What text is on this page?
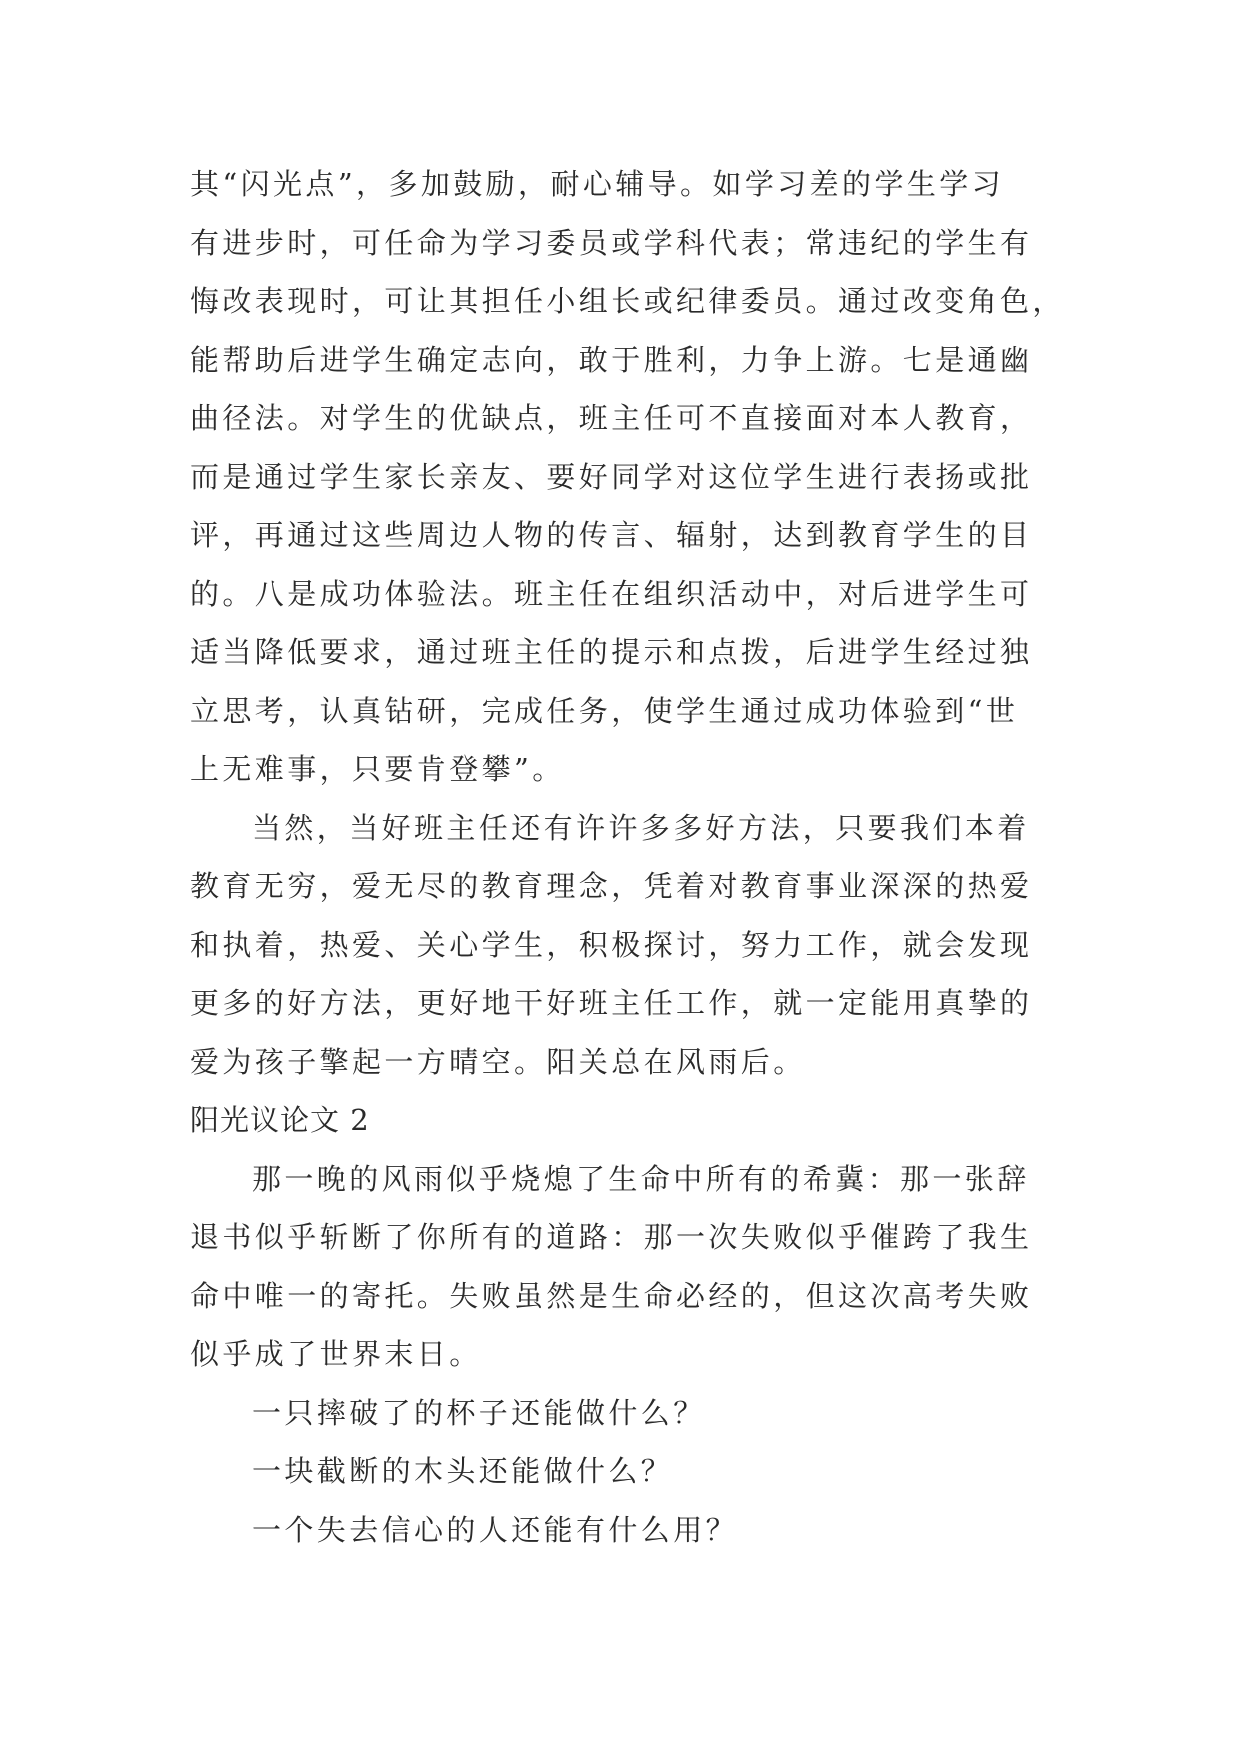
其“闪光点”，多加鼓励，耐心辅导。如学习差的学生学习
有进步时，可任命为学习委员或学科代表；常违纪的学生有
悔改表现时，可让其担任小组长或纪律委员。通过改变角色，
能帮助后进学生确定志向，敢于胜利，力争上游。七是通幽
曲径法。对学生的优缺点，班主任可不直接面对本人教育，
而是通过学生家长亲友、要好同学对这位学生进行表扬或批
评，再通过这些周边人物的传言、辐射，达到教育学生的目
的。八是成功体验法。班主任在组织活动中，对后进学生可
适当降低要求，通过班主任的提示和点拨，后进学生经过独
立思考，认真钻研，完成任务，使学生通过成功体验到“世
上无难事，只要肯登攀”。
当然，当好班主任还有许许多多好方法，只要我们本着
教育无穷，爱无尽的教育理念，凭着对教育事业深深的热爱
和执着，热爱、关心学生，积极探讨，努力工作，就会发现
更多的好方法，更好地干好班主任工作，就一定能用真挚的
爱为孩子擎起一方晴空。阳关总在风雨后。
阳光议论文 2
那一晚的风雨似乎烧熄了生命中所有的希冀：那一张辞
退书似乎斩断了你所有的道路：那一次失败似乎催跨了我生
命中唯一的寄托。失败虽然是生命必经的，但这次高考失败
似乎成了世界末日。
一只摔破了的杯子还能做什么？
一块截断的木头还能做什么？
一个失去信心的人还能有什么用？
